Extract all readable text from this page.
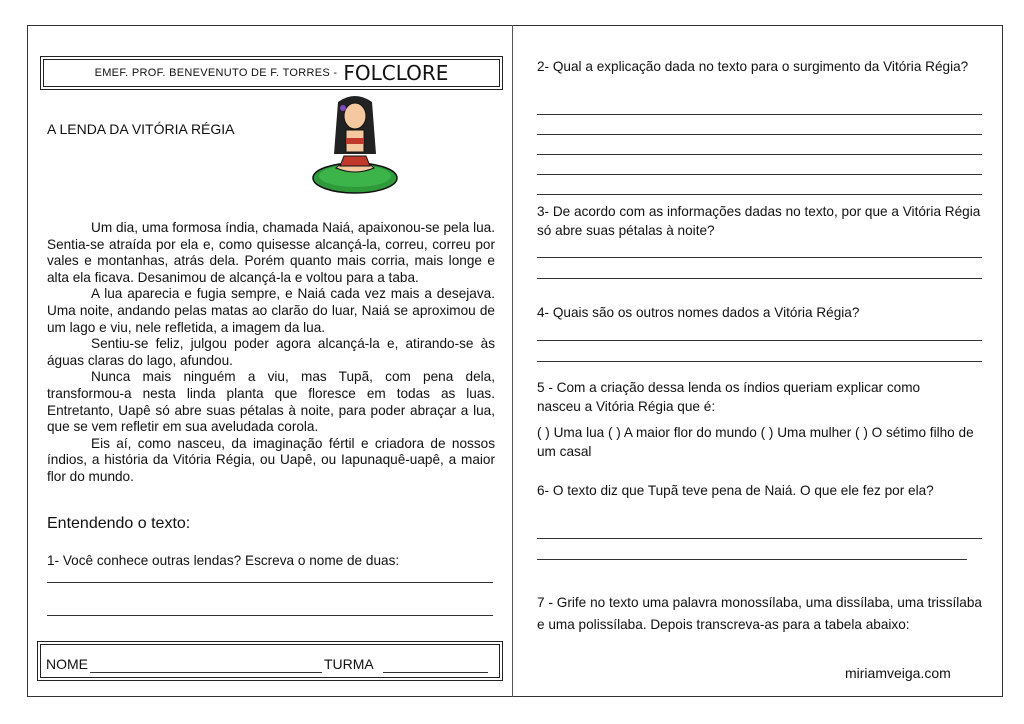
EMEF. PROF. BENEVENUTO DE F. TORRES - FOLCLORE
A LENDA DA VITÓRIA RÉGIA

Um dia, uma formosa índia, chamada Naiá, apaixonou-se pela lua. Sentia-se atraída por ela e, como quisesse alcançá-la, correu, correu por vales e montanhas, atrás dela. Porém quanto mais corria, mais longe e alta ela ficava. Desanimou de alcançá-la e voltou para a taba.

A lua aparecia e fugia sempre, e Naiá cada vez mais a desejava. Uma noite, andando pelas matas ao clarão do luar, Naiá se aproximou de um lago e viu, nele refletida, a imagem da lua.

Sentiu-se feliz, julgou poder agora alcançá-la e, atirando-se às águas claras do lago, afundou.

Nunca mais ninguém a viu, mas Tupã, com pena dela, transformou-a nesta linda planta que floresce em todas as luas. Entretanto, Uapê só abre suas pétalas à noite, para poder abraçar a lua, que se vem refletir em sua aveludada corola.

Eis aí, como nasceu, da imaginação fértil e criadora de nossos índios, a história da Vitória Régia, ou Uapê, ou Iapunaquê-uapê, a maior flor do mundo.

Entendendo o texto:
1- Você conhece outras lendas? Escreva o nome de duas:
NOME	TURMA
2- Qual a explicação dada no texto para o surgimento da Vitória Régia?
3- De acordo com as informações dadas no texto, por que a Vitória Régia só abre suas pétalas à noite?
4- Quais são os outros nomes dados a Vitória Régia?
5 - Com a criação dessa lenda os índios queriam explicar como nasceu a Vitória Régia que é:
( ) Uma lua ( ) A maior flor do mundo ( ) Uma mulher ( ) O sétimo filho de um casal
6- O texto diz que Tupã teve pena de Naiá. O que ele fez por ela?
7 - Grife no texto uma palavra monossílaba, uma dissílaba, uma trissílaba e uma polissílaba. Depois transcreva-as para a tabela abaixo:
miriamveiga.com
